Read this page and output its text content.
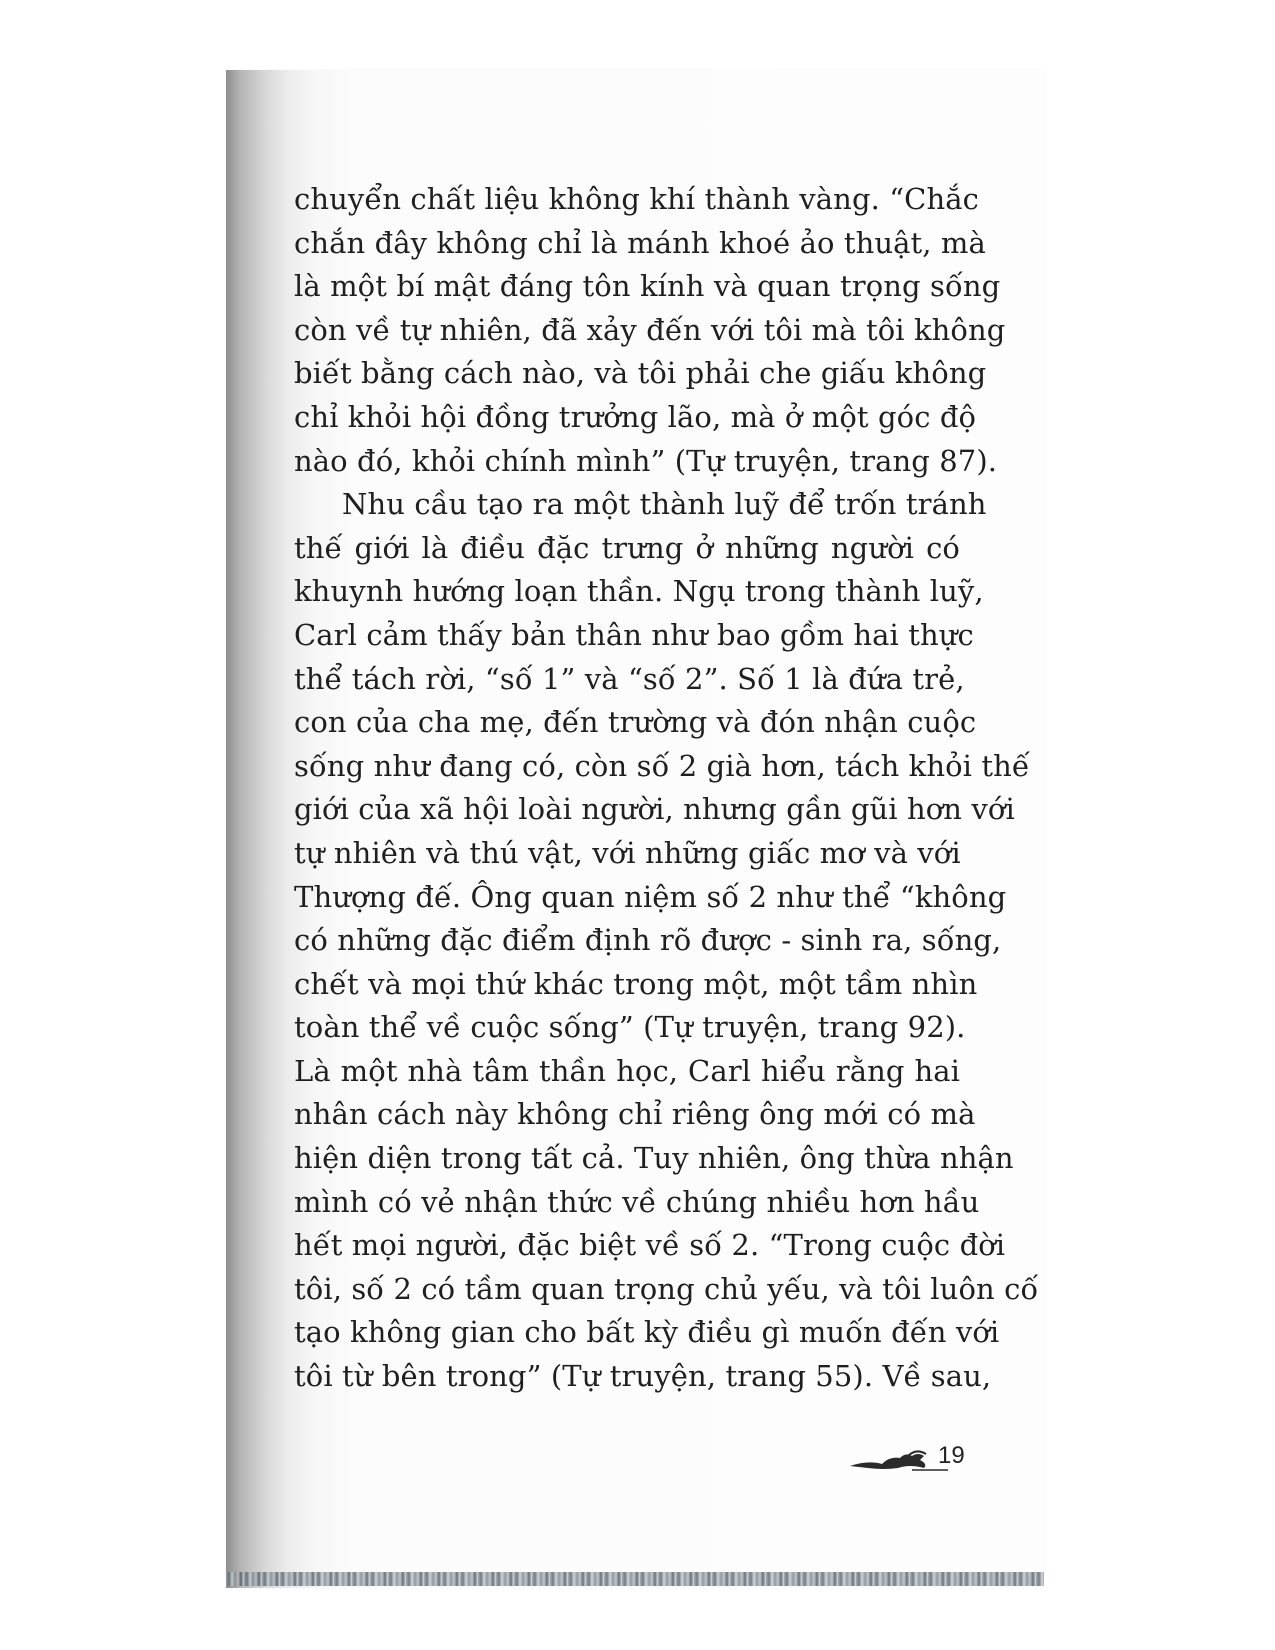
chuyển chất liệu không khí thành vàng. “Chắc
chắn đây không chỉ là mánh khoé ảo thuật, mà
là một bí mật đáng tôn kính và quan trọng sống
còn về tự nhiên, đã xảy đến với tôi mà tôi không
biết bằng cách nào, và tôi phải che giấu không
chỉ khỏi hội đồng trưởng lão, mà ở một góc độ
nào đó, khỏi chính mình” (Tự truyện, trang 87).
Nhu cầu tạo ra một thành luỹ để trốn tránh
thế giới là điều đặc trưng ở những người có
khuynh hướng loạn thần. Ngụ trong thành luỹ,
Carl cảm thấy bản thân như bao gồm hai thực
thể tách rời, “số 1” và “số 2”. Số 1 là đứa trẻ,
con của cha mẹ, đến trường và đón nhận cuộc
sống như đang có, còn số 2 già hơn, tách khỏi thế
giới của xã hội loài người, nhưng gần gũi hơn với
tự nhiên và thú vật, với những giấc mơ và với
Thượng đế. Ông quan niệm số 2 như thể “không
có những đặc điểm định rõ được - sinh ra, sống,
chết và mọi thứ khác trong một, một tầm nhìn
toàn thể về cuộc sống” (Tự truyện, trang 92).
Là một nhà tâm thần học, Carl hiểu rằng hai
nhân cách này không chỉ riêng ông mới có mà
hiện diện trong tất cả. Tuy nhiên, ông thừa nhận
mình có vẻ nhận thức về chúng nhiều hơn hầu
hết mọi người, đặc biệt về số 2. “Trong cuộc đời
tôi, số 2 có tầm quan trọng chủ yếu, và tôi luôn cố
tạo không gian cho bất kỳ điều gì muốn đến với
tôi từ bên trong” (Tự truyện, trang 55). Về sau,
19
